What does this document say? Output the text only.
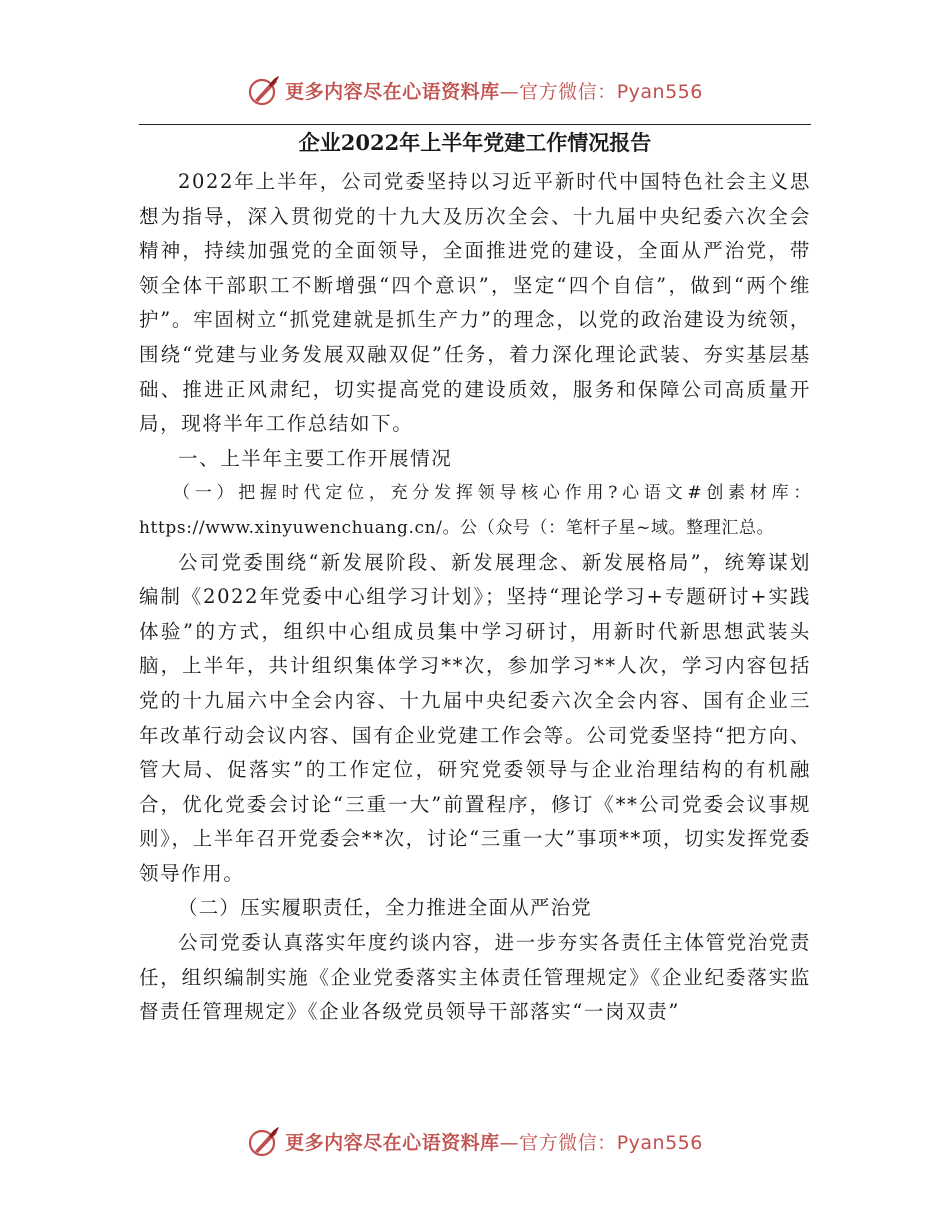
更多内容尽在心语资料库—官方微信：Pyan556
企业2022年上半年党建工作情况报告

2022年上半年，公司党委坚持以习近平新时代中国特色社会主义思想为指导，深入贯彻党的十九大及历次全会、十九届中央纪委六次全会精神，持续加强党的全面领导，全面推进党的建设，全面从严治党，带领全体干部职工不断增强“四个意识”，坚定“四个自信”，做到“两个维护”。牢固树立“抓党建就是抓生产力”的理念，以党的政治建设为统领，围绕“党建与业务发展双融双促”任务，着力深化理论武装、夯实基层基础、推进正风肃纪，切实提高党的建设质效，服务和保障公司高质量开局，现将半年工作总结如下。

一、上半年主要工作开展情况

（一）把握时代定位，充分发挥领导核心作用?心语文#创素材库：https://www.xinyuwenchuang.cn/。公（众号（：笔杆子星~域。整理汇总。

公司党委围绕“新发展阶段、新发展理念、新发展格局”，统筹谋划编制《2022年党委中心组学习计划》；坚持“理论学习+专题研讨+实践体验”的方式，组织中心组成员集中学习研讨，用新时代新思想武装头脑，上半年，共计组织集体学习**次，参加学习**人次，学习内容包括党的十九届六中全会内容、十九届中央纪委六次全会内容、国有企业三年改革行动会议内容、国有企业党建工作会等。公司党委坚持“把方向、管大局、促落实”的工作定位，研究党委领导与企业治理结构的有机融合，优化党委会讨论“三重一大”前置程序，修订《**公司党委会议事规则》，上半年召开党委会**次，讨论“三重一大”事项**项，切实发挥党委领导作用。

（二）压实履职责任，全力推进全面从严治党

公司党委认真落实年度约谈内容，进一步夯实各责任主体管党治党责任，组织编制实施《企业党委落实主体责任管理规定》《企业纪委落实监督责任管理规定》《企业各级党员领导干部落实“一岗双责”

更多内容尽在心语资料库—官方微信：Pyan556
